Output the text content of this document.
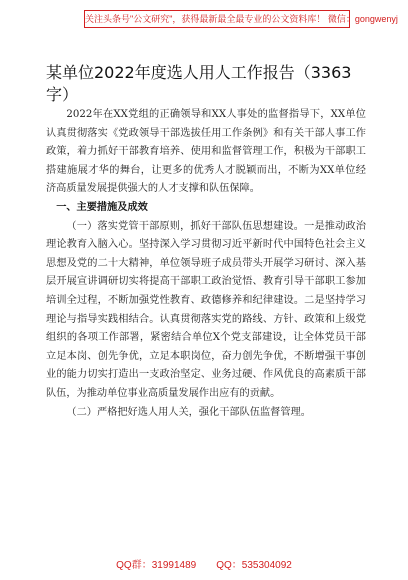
关注头条号"公文研究"，获得最新最全最专业的公文资料库！ 微信：gongwenyj
某单位2022年度选人用人工作报告（3363字）

2022年在XX党组的正确领导和XX人事处的监督指导下，XX单位认真贯彻落实《党政领导干部选拔任用工作条例》和有关干部人事工作政策，着力抓好干部教育培养、使用和监督管理工作，积极为干部职工搭建施展才华的舞台，让更多的优秀人才脱颖而出，不断为XX单位经济高质量发展提供强大的人才支撑和队伍保障。

一、主要措施及成效

（一）落实党管干部原则，抓好干部队伍思想建设。一是推动政治理论教育入脑入心。坚持深入学习贯彻习近平新时代中国特色社会主义思想及党的二十大精神，单位领导班子成员带头开展学习研讨、深入基层开展宣讲调研切实将提高干部职工政治觉悟、教育引导干部职工参加培训全过程，不断加强党性教育、政德修养和纪律建设。二是坚持学习理论与指导实践相结合。认真贯彻落实党的路线、方针、政策和上级党组织的各项工作部署，紧密结合单位X个党支部建设，让全体党员干部立足本岗、创先争优，立足本职岗位，奋力创先争优，不断增强干事创业的能力切实打造出一支政治坚定、业务过硬、作风优良的高素质干部队伍，为推动单位事业高质量发展作出应有的贡献。

（二）严格把好选人用人关，强化干部队伍监督管理。

QQ群：31991489 QQ：535304092
